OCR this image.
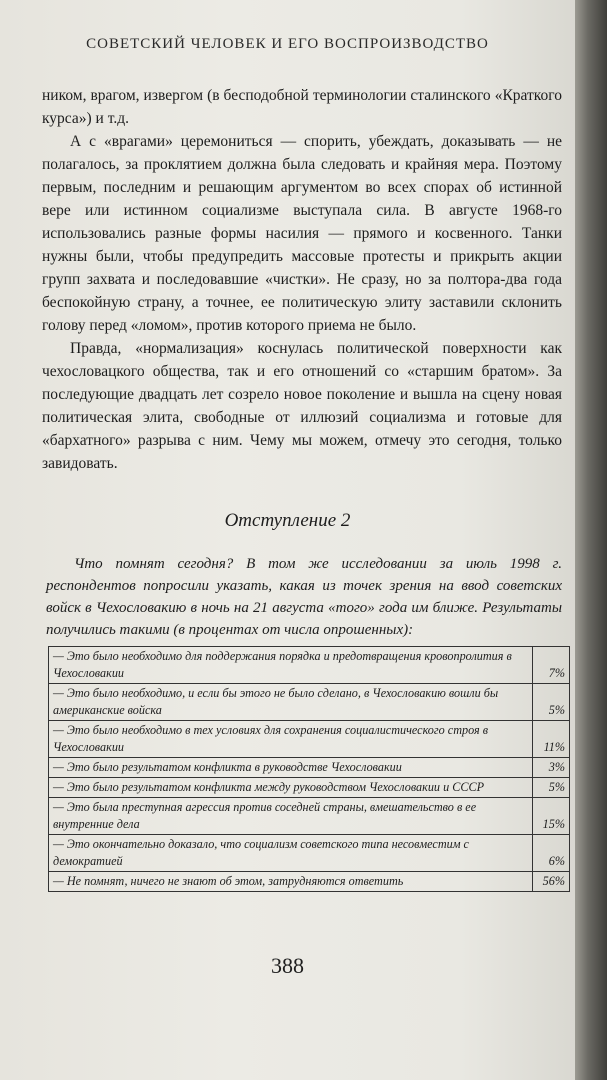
СОВЕТСКИЙ ЧЕЛОВЕК И ЕГО ВОСПРОИЗВОДСТВО

ником, врагом, извергом (в бесподобной терминологии сталинского «Краткого курса») и т.д.

А с «врагами» церемониться — спорить, убеждать, доказывать — не полагалось, за проклятием должна была следовать и крайняя мера. Поэтому первым, последним и решающим аргументом во всех спорах об истинной вере или истинном социализме выступала сила. В августе 1968-го использовались разные формы насилия — прямого и косвенного. Танки нужны были, чтобы предупредить массовые протесты и прикрыть акции групп захвата и последовавшие «чистки». Не сразу, но за полтора-два года беспокойную страну, а точнее, ее политическую элиту заставили склонить голову перед «ломом», против которого приема не было.

Правда, «нормализация» коснулась политической поверхности как чехословацкого общества, так и его отношений со «старшим братом». За последующие двадцать лет созрело новое поколение и вышла на сцену новая политическая элита, свободные от иллюзий социализма и готовые для «бархатного» разрыва с ним. Чему мы можем, отмечу это сегодня, только завидовать.

Отступление 2
Что помнят сегодня? В том же исследовании за июль 1998 г. респондентов попросили указать, какая из точек зрения на ввод советских войск в Чехословакию в ночь на 21 августа «того» года им ближе. Результаты получились такими (в процентах от числа опрошенных):
— Это было необходимо для поддержания порядка и предотвращения кровопролития в Чехословакии	7%
— Это было необходимо, и если бы этого не было сделано, в Чехословакию вошли бы американские войска	5%
— Это было необходимо в тех условиях для сохранения социалистического строя в Чехословакии	11%
— Это было результатом конфликта в руководстве Чехословакии	3%
— Это было результатом конфликта между руководством Чехословакии и СССР	5%
— Это была преступная агрессия против соседней страны, вмешательство в ее внутренние дела	15%
— Это окончательно доказало, что социализм советского типа несовместим с демократией	6%
— Не помнят, ничего не знают об этом, затрудняются ответить	56%
388
